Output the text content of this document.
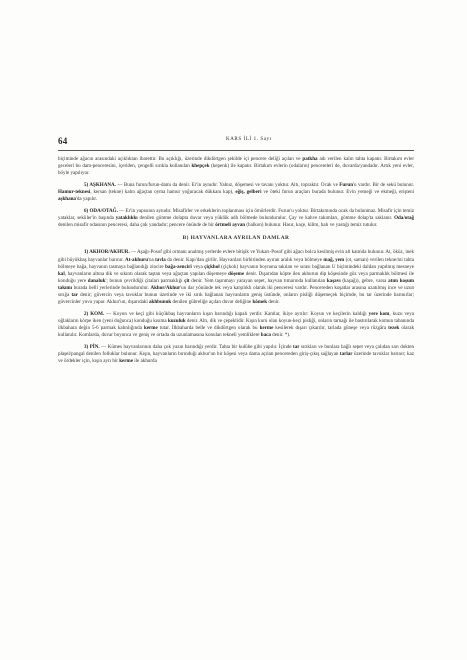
64	KARS İLİ 1. Sayı

biçiminde ağacın arasındaki açıklıktan ibarettir. Bu açıklığı, üzerinde dikdörtgen şekilde içi pencere deliği açılan ve patkha adı verilen kalın tahta kapatır. Birtakım evler geceleri bu dam-penceresini, içeriden, çengelli sırıkla kullanılan khepçek (kepenk) ile kapatır. Birtakım evlerin (odaların) pencereleri de, duvarda/yandadır. Artık yeni evler, böyle yapılıyor.

5) AŞKHANA. — Buna furun/furun-damı da denir. Er'in aynıdır. Yalnız, döşemesi ve tavanı yoktur. Altı, topraktır. Ocak ve Furun'u vardır. Bir de sekü bulunur. Hamur-teknesi, kersan (tekne) kalın ağaçtan oyma hamur yoğuracak dükkanı kap), eğiş, gelberi ve öteki furun araçları burada bulunur. Evin yemeği ve ekmeği, erişteni aşkhana'da yapılır.

6) ODA/OTAĞ. — Er'in yapısının aynıdır. Misafirler ve erkeklerin toplanması için ömürlerdir. Furun'u yoktur. Birtakımında ocak da bulunmaz. Misafir için temiz yataklar, seküler'in başında yataklıkkı denilen gömme dolapta duvar veya yüklük adlı bölmede bulundurulur. Çay ve kahve takımları, gömme dolap'ta saklanır. Oda/otağ denilen misafir odasının penceresi, daha çok yandadır; pencere önünde de bir örtmeli ayvan (balkon) bulunur. Hasır, kaçe, kilim, halı ve yastığı temiz tutulur.

B) HAYVANLARA AYRILAN DAMLAR

1) AKHOR/AKHUR. — Aşağı-Posof gibi ormanı analmış yerlerde evlere bitişik ve Yukarı-Posof gibi ağacı bolca kesilmiş evin alt katında bulunur. At, öküz, inek gibi büyükbaş hayvanlar barınır. At-akhuru'na tavla da denir. Kapı'dan girilir. Hayvanları birbirinden ayıran aralık veya bölmeye mağ, yem (ot, saman) verilen tekne/mi tahta bölmeye bağa, hayvanın tasmaya bağlandığı zincire bağa-zencirî veya çiçkhol (çiçkolı) hayvanın boynuna takılan ve sırası bağlanan U biçimindeki daldan yapılmış mesneye kal, hayvanların altına dik ve sıkıntı olarak taştan veya ağaçtan yapılan döşemeye döşeme denir. Dışarıdan köpte ilen akhurun dip köşesinde göz veya parmaklık bölmesi ile konduğu yere danaluk'; bunun çevrildiği çitaları parmaklığı çit denir. Yem taşınmayı yarayan sepet, hayvan tımarında kullanılan kaşavı (kaşağı), gebre, varsa atım koşum takımı burada belli yerlerinde bulundurulur. Akhor/Akhur'un dar yönünde tek veya karşılıklı olarak iki penceresi vardır. Pencereden koşatlar arasına uzatılmış ince ve uzun sırığa tar denir; güvercin veya tavuklar bunun üzerinde ve iki sırık bağlanan hayvanların geniş üstünde, onların pisliği düşemeçek biçimde, bu tar üzerinde barınırlar; güvercinler yuva yapar. Akhur'un, dışarıdaki akhbunuk denilen gübreliğe açılan duvar deliğine kömek denir.

2) KOM. — Koyun ve keçi gibi küçükbaş hayvanların kışın barındığı kapalı yerdir. Kamlar, ikiye ayrılır: Koyun ve keçilerin kaldığı yere kom, kuzu veya oğlakların körpe iken (yeni doğunca) konduğu kısıma kuzuluk denir. Altı, dik ve çepeklidir. Kışın kuru olan koyun-keçi pisliği, onların tarnağı ile bastırılarak komun tabanında ilkbahara değin 5-6 parmak kalınlığında kerme tutar. İlkbaharda belle ve dikdörtgen olarak bu kerme kesilerek dışarı çıkarılır, tarlada güneşe veya rüzgâra tezek olarak kullanılır. Komlarda, duvar boyunca ve geniş ve ortada da uzunlamasına konulan tekneli yemliklere baca denir. *).

3) PİN. — Kümes hayvanlarının daha çok yazın barındığı yerdir. Tahta bir kulübe gibi yapılır. İçinde tar sırıkları ve bunlara bağlı sepet veya çalıdan sarı dokten plaşel/pangal denilen folluklar bulunur. Kışın, hayvanların bırınduğı akhur'un bir köşesi veya dama açılan pencereden giriş-çıkış sağlayan tarlar üzerinde tavuklar barınır; kaz ve ördekler için, kışın ayrı bir kerme ile akhurda
